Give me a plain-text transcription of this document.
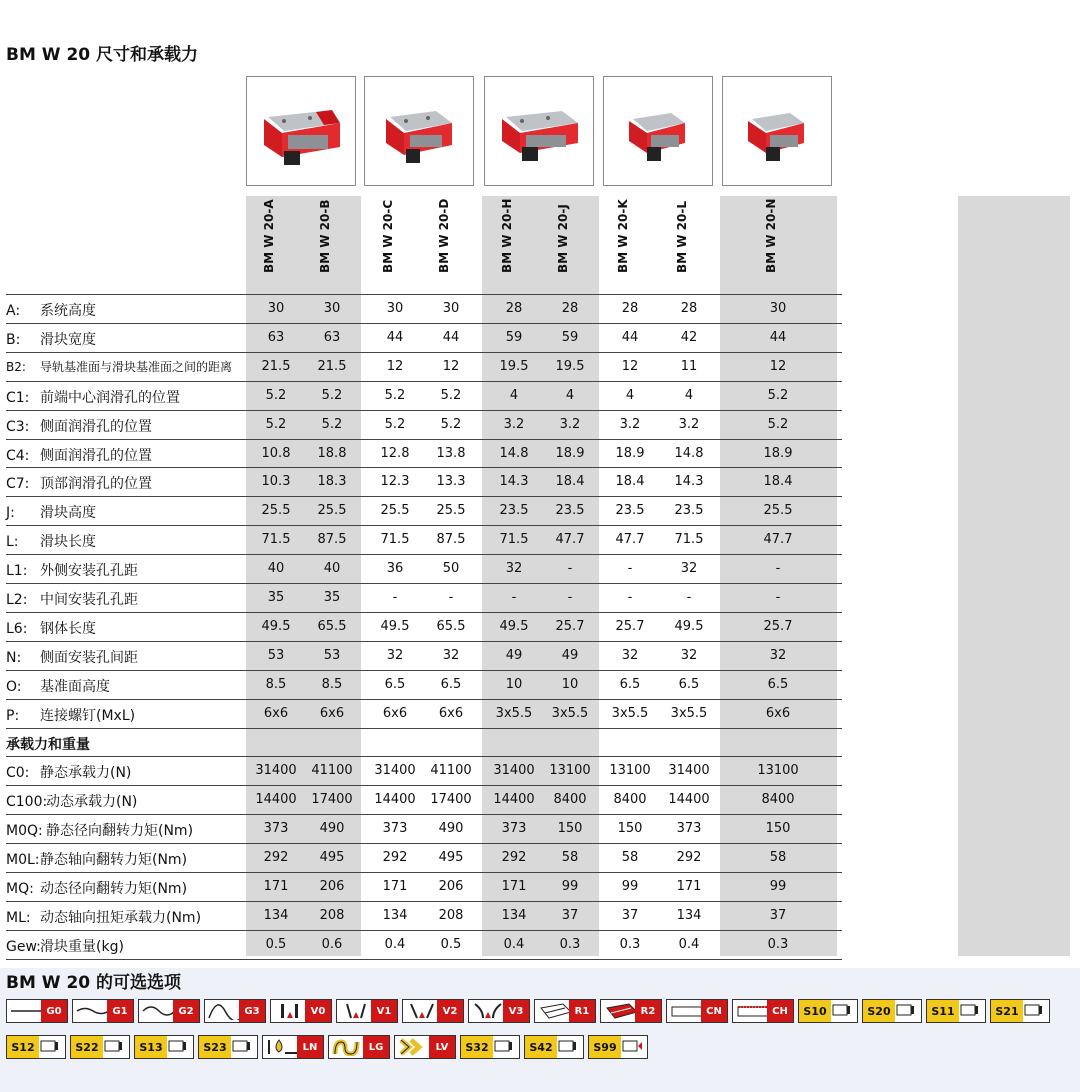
BM W 20 尺寸和承载力
BM W 20-A	BM W 20-B	BM W 20-C	BM W 20-D	BM W 20-H	BM W 20-J	BM W 20-K	BM W 20-L	BM W 20-N
A: 系统高度	30	30	30	30	28	28	28	28	30
B: 滑块宽度	63	63	44	44	59	59	44	42	44
B2: 导轨基准面与滑块基准面之间的距离	21.5	21.5	12	12	19.5	19.5	12	11	12
C1: 前端中心润滑孔的位置	5.2	5.2	5.2	5.2	4	4	4	4	5.2
C3: 侧面润滑孔的位置	5.2	5.2	5.2	5.2	3.2	3.2	3.2	3.2	5.2
C4: 侧面润滑孔的位置	10.8	18.8	12.8	13.8	14.8	18.9	18.9	14.8	18.9
C7: 顶部润滑孔的位置	10.3	18.3	12.3	13.3	14.3	18.4	18.4	14.3	18.4
J: 滑块高度	25.5	25.5	25.5	25.5	23.5	23.5	23.5	23.5	25.5
L: 滑块长度	71.5	87.5	71.5	87.5	71.5	47.7	47.7	71.5	47.7
L1: 外侧安装孔孔距	40	40	36	50	32	-	-	32	-
L2: 中间安装孔孔距	35	35	-	-	-	-	-	-	-
L6: 钢体长度	49.5	65.5	49.5	65.5	49.5	25.7	25.7	49.5	25.7
N: 侧面安装孔间距	53	53	32	32	49	49	32	32	32
O: 基准面高度	8.5	8.5	6.5	6.5	10	10	6.5	6.5	6.5
P: 连接螺钉(MxL)	6x6	6x6	6x6	6x6	3x5.5	3x5.5	3x5.5	3x5.5	6x6
承载力和重量
C0: 静态承载力(N)	31400	41100	31400	41100	31400	13100	13100	31400	13100
C100:动态承载力(N)	14400	17400	14400	17400	14400	8400	8400	14400	8400
M0Q: 静态径向翻转力矩(Nm)	373	490	373	490	373	150	150	373	150
M0L:静态轴向翻转力矩(Nm)	292	495	292	495	292	58	58	292	58
MQ: 动态径向翻转力矩(Nm)	171	206	171	206	171	99	99	171	99
ML: 动态轴向扭矩承载力(Nm)	134	208	134	208	134	37	37	134	37
Gew:滑块重量(kg)	0.5	0.6	0.4	0.5	0.4	0.3	0.3	0.4	0.3
BM W 20 的可选选项
G0	G1	G2	G3	V0	V1	V2	V3	R1	R2	CN	CH	S10	S20	S11	S21
S12	S22	S13	S23	LN	LG	LV	S32	S42	S99
